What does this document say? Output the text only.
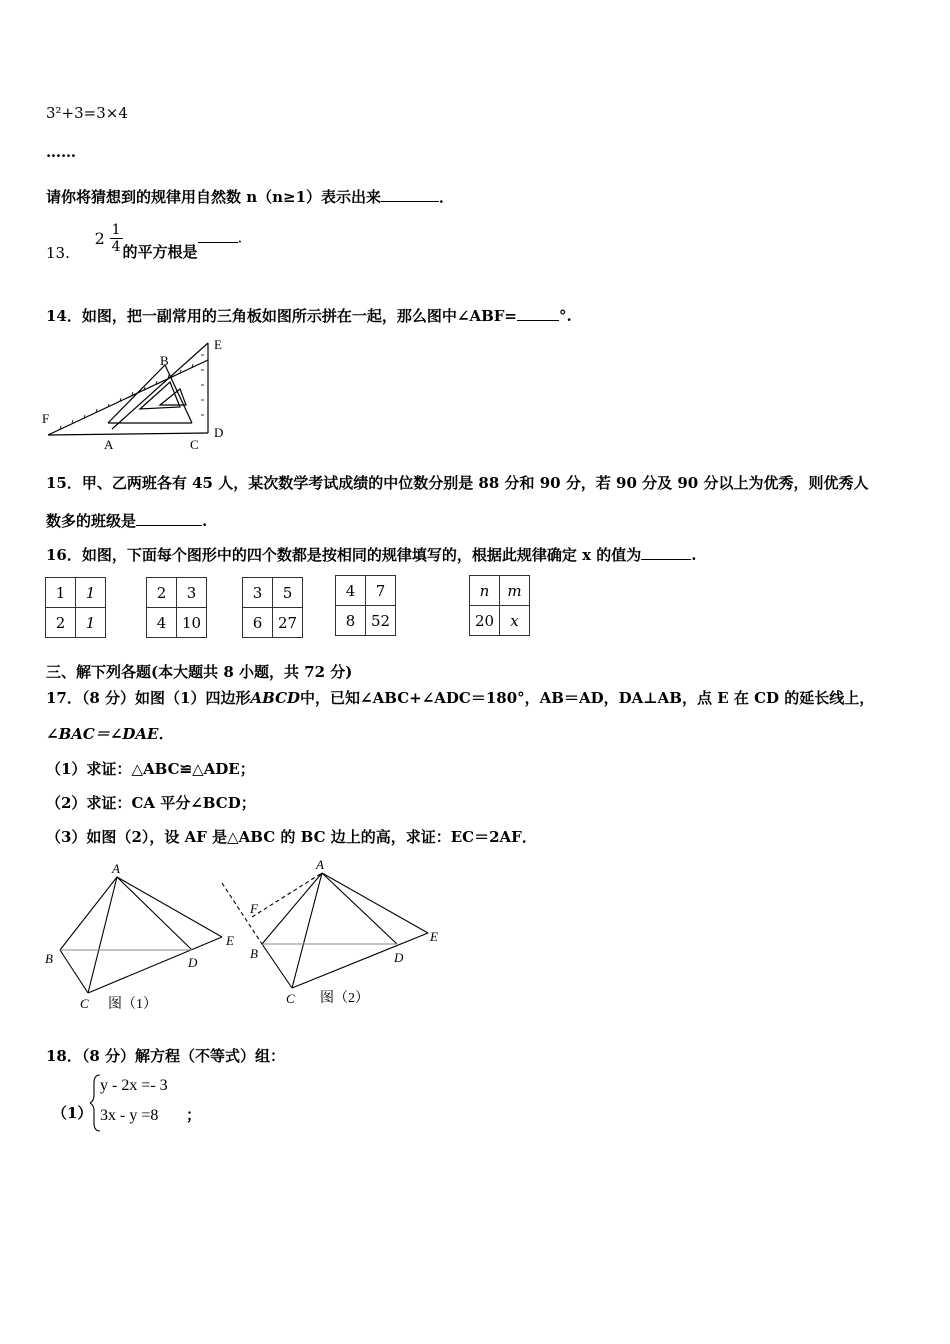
3²+3=3×4
……
请你将猜想到的规律用自然数 n（n≥1）表示出来	．
13. $2 \frac{1}{4}$ 的平方根是.
14．如图，把一副常用的三角板如图所示拼在一起，那么图中∠ABF=	°.
E
B
F
A	C
D
15．甲、乙两班各有 45 人，某次数学考试成绩的中位数分别是 88 分和 90 分，若 90 分及 90 分以上为优秀，则优秀人
数多的班级是	.
16．如图，下面每个图形中的四个数都是按相同的规律填写的，根据此规律确定 x 的值为	.
1	1
2	1
2	3
4	10
3	5
6	27
4	7
8	52
n	m
20	x
三、解下列各题(本大题共 8 小题，共 72 分)
17．（8 分）如图（1）四边形ABCD中，已知∠ABC+∠ADC＝180°，AB＝AD，DA⊥AB，点 E 在 CD 的延长线上，
∠BAC＝∠DAE．
（1）求证：△ABC≌△ADE；
（2）求证：CA 平分∠BCD；
（3）如图（2），设 AF 是△ABC 的 BC 边上的高，求证：EC＝2AF．
A
B
C
D
E
A
B
C
D
E
F
图（1）	图（2）
18．（8 分）解方程（不等式）组：
（1）
y - 2x =- 3
3x - y =8 ；
